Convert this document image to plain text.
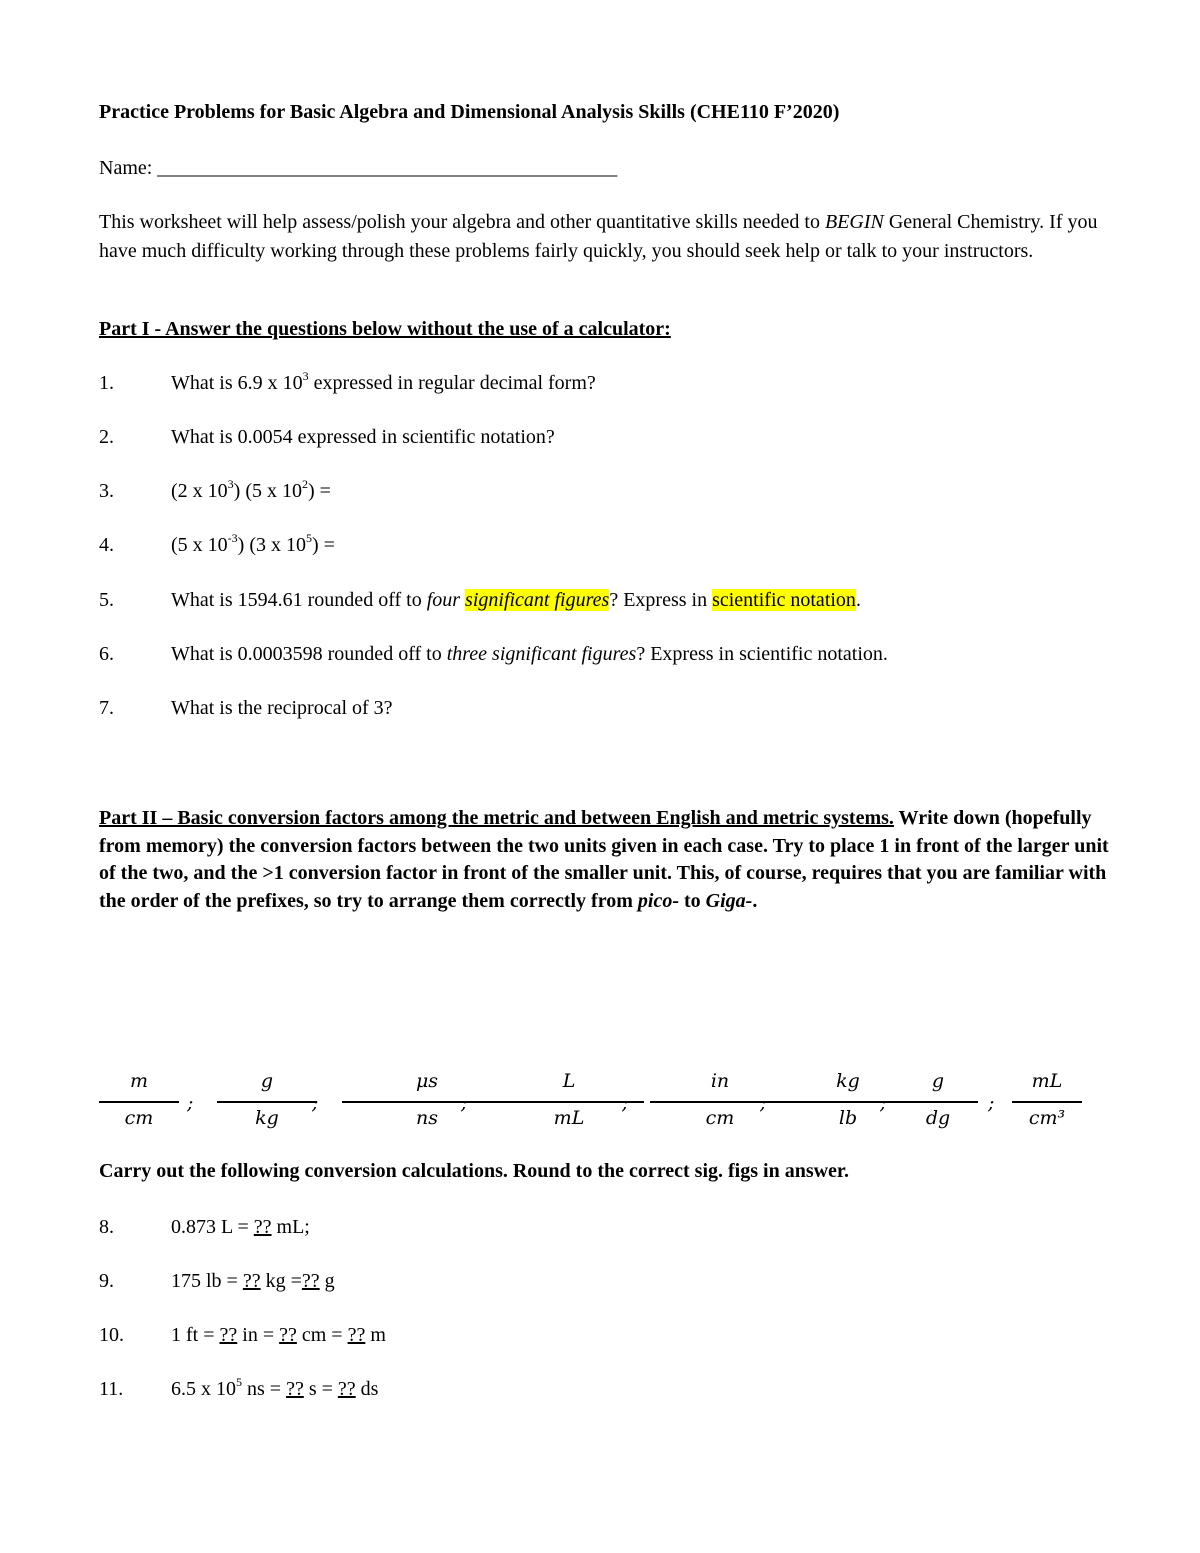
Practice Problems for Basic Algebra and Dimensional Analysis Skills (CHE110 F’2020)
Name: ______________________________________________
This worksheet will help assess/polish your algebra and other quantitative skills needed to BEGIN General Chemistry. If you have much difficulty working through these problems fairly quickly, you should seek help or talk to your instructors.
Part I - Answer the questions below without the use of a calculator:
1.	What is 6.9 x $10^3$ expressed in regular decimal form?
2.	What is 0.0054 expressed in scientific notation?
3.	(2 x $10^3$) (5 x $10^2$) =
4.	(5 x $10^{-3}$) (3 x $10^5$) =
5.	What is 1594.61 rounded off to four significant figures? Express in scientific notation.
6.	What is 0.0003598 rounded off to three significant figures? Express in scientific notation.
7.	What is the reciprocal of 3?
Part II – Basic conversion factors among the metric and between English and metric systems. Write down (hopefully from memory) the conversion factors between the two units given in each case. Try to place 1 in front of the larger unit of the two, and the >1 conversion factor in front of the smaller unit. This, of course, requires that you are familiar with the order of the prefixes, so try to arrange them correctly from pico- to Giga-.
m
cm
;
g
kg
;
μs
ns
;
L
mL
;
in
cm
;
kg
lb
;
g
dg
;
mL
cm³
Carry out the following conversion calculations. Round to the correct sig. figs in answer.
8.	0.873 L = ?? mL;
9.	175 lb = ?? kg =?? g
10. 1 ft = ?? in = ?? cm = ?? m
11. 6.5 x $10^5$ ns = ?? s = ?? ds
